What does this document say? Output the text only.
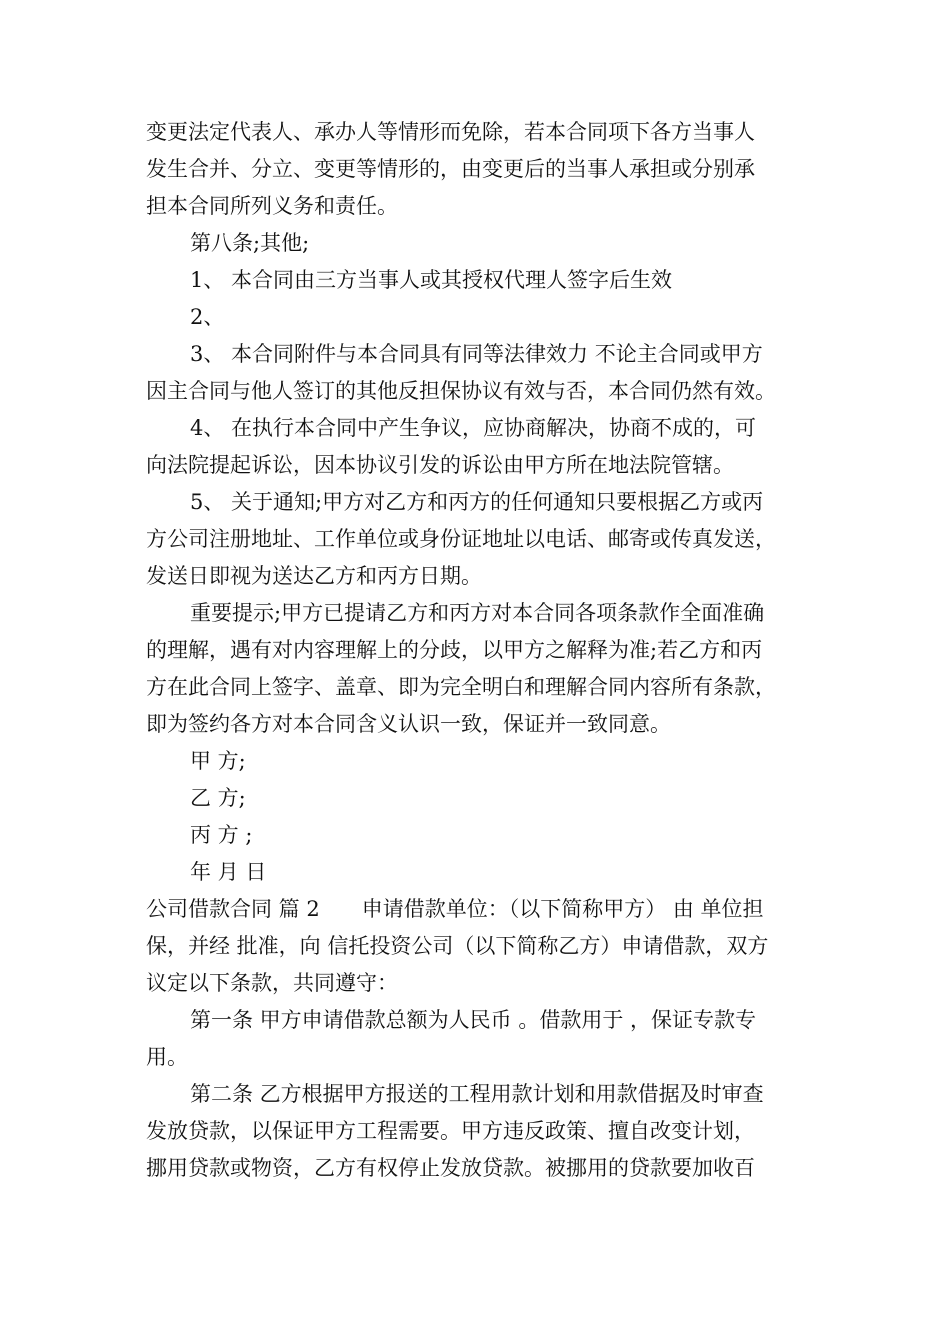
变更法定代表人、承办人等情形而免除，若本合同项下各方当事人
发生合并、分立、变更等情形的，由变更后的当事人承担或分别承
担本合同所列义务和责任。
第八条;其他;
1、 本合同由三方当事人或其授权代理人签字后生效
2、
3、 本合同附件与本合同具有同等法律效力 不论主合同或甲方
因主合同与他人签订的其他反担保协议有效与否，本合同仍然有效。
4、 在执行本合同中产生争议，应协商解决，协商不成的，可
向法院提起诉讼，因本协议引发的诉讼由甲方所在地法院管辖。
5、 关于通知;甲方对乙方和丙方的任何通知只要根据乙方或丙
方公司注册地址、工作单位或身份证地址以电话、邮寄或传真发送，
发送日即视为送达乙方和丙方日期。
重要提示;甲方已提请乙方和丙方对本合同各项条款作全面准确
的理解，遇有对内容理解上的分歧，以甲方之解释为准;若乙方和丙
方在此合同上签字、盖章、即为完全明白和理解合同内容所有条款，
即为签约各方对本合同含义认识一致，保证并一致同意。
甲 方;
乙 方;
丙 方 ;
年 月 日
公司借款合同 篇 2　　申请借款单位：（以下简称甲方） 由 单位担
保，并经 批准，向 信托投资公司（以下简称乙方）申请借款，双方
议定以下条款，共同遵守：
第一条 甲方申请借款总额为人民币 。借款用于 ，保证专款专
用。
第二条 乙方根据甲方报送的工程用款计划和用款借据及时审查
发放贷款，以保证甲方工程需要。甲方违反政策、擅自改变计划，
挪用贷款或物资，乙方有权停止发放贷款。被挪用的贷款要加收百
